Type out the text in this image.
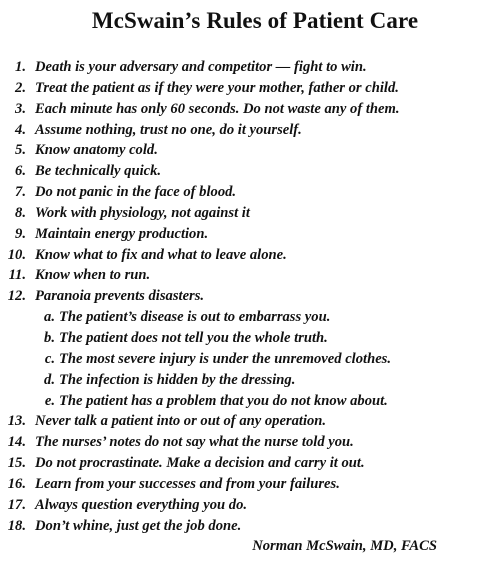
McSwain’s Rules of Patient Care
1. Death is your adversary and competitor — fight to win.
2. Treat the patient as if they were your mother, father or child.
3. Each minute has only 60 seconds. Do not waste any of them.
4. Assume nothing, trust no one, do it yourself.
5. Know anatomy cold.
6. Be technically quick.
7. Do not panic in the face of blood.
8. Work with physiology, not against it
9. Maintain energy production.
10. Know what to fix and what to leave alone.
11. Know when to run.
12. Paranoia prevents disasters.
a. The patient’s disease is out to embarrass you.
b. The patient does not tell you the whole truth.
c. The most severe injury is under the unremoved clothes.
d. The infection is hidden by the dressing.
e. The patient has a problem that you do not know about.
13. Never talk a patient into or out of any operation.
14. The nurses’ notes do not say what the nurse told you.
15. Do not procrastinate. Make a decision and carry it out.
16. Learn from your successes and from your failures.
17. Always question everything you do.
18. Don’t whine, just get the job done.
Norman McSwain, MD, FACS
